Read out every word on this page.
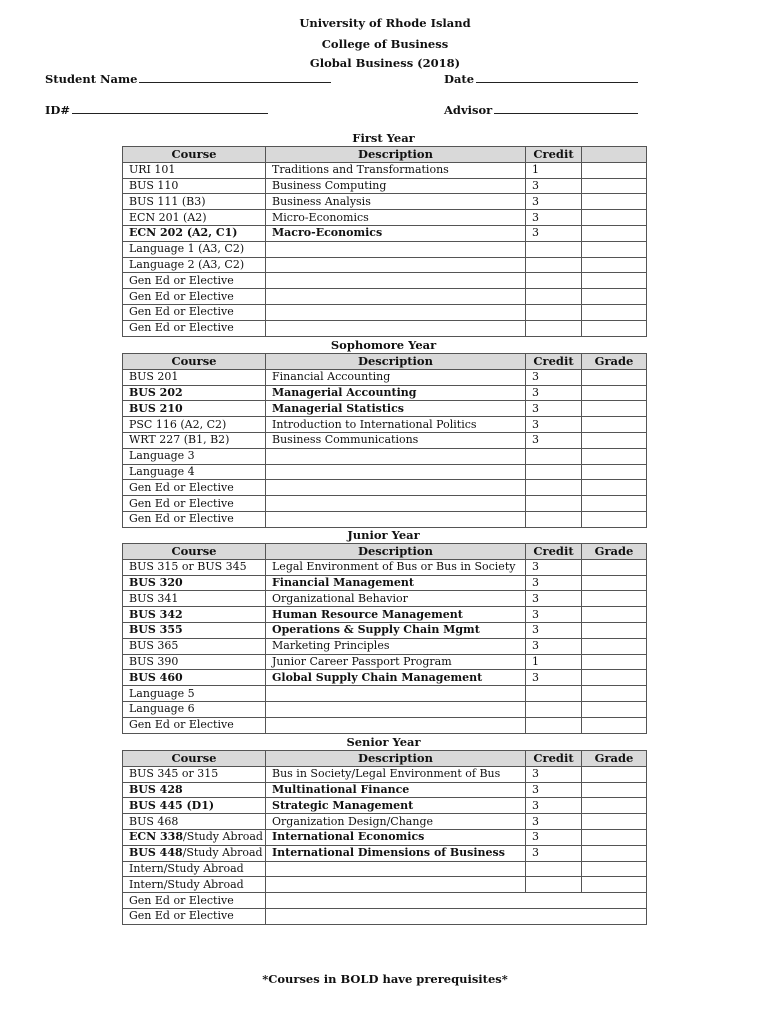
University of Rhode Island
College of Business
Global Business (2018)
Student Name	Date
ID#	Advisor
First Year
Course	Description	Credit	
URI 101	Traditions and Transformations	1	
BUS 110	Business Computing	3	
BUS 111 (B3)	Business Analysis	3	
ECN 201 (A2)	Micro-Economics	3	
ECN 202 (A2, C1)	Macro-Economics	3	
Language 1 (A3, C2)			
Language 2 (A3, C2)			
Gen Ed or Elective			
Gen Ed or Elective			
Gen Ed or Elective			
Gen Ed or Elective			
Sophomore Year
Course	Description	Credit	Grade
BUS 201	Financial Accounting	3	
BUS 202	Managerial Accounting	3	
BUS 210	Managerial Statistics	3	
PSC 116 (A2, C2)	Introduction to International Politics	3	
WRT 227 (B1, B2)	Business Communications	3	
Language 3			
Language 4			
Gen Ed or Elective			
Gen Ed or Elective			
Gen Ed or Elective			
Junior Year
Course	Description	Credit	Grade
BUS 315 or BUS 345	Legal Environment of Bus or Bus in Society	3	
BUS 320	Financial Management	3	
BUS 341	Organizational Behavior	3	
BUS 342	Human Resource Management	3	
BUS 355	Operations & Supply Chain Mgmt	3	
BUS 365	Marketing Principles	3	
BUS 390	Junior Career Passport Program	1	
BUS 460	Global Supply Chain Management	3	
Language 5			
Language 6			
Gen Ed or Elective			
Senior Year
Course	Description	Credit	Grade
BUS 345 or 315	Bus in Society/Legal Environment of Bus	3	
BUS 428	Multinational Finance	3	
BUS 445 (D1)	Strategic Management	3	
BUS 468	Organization Design/Change	3	
ECN 338/Study Abroad	International Economics	3	
BUS 448/Study Abroad	International Dimensions of Business	3	
Intern/Study Abroad			
Intern/Study Abroad			
Gen Ed or Elective			
Gen Ed or Elective			
*Courses in BOLD have prerequisites*
